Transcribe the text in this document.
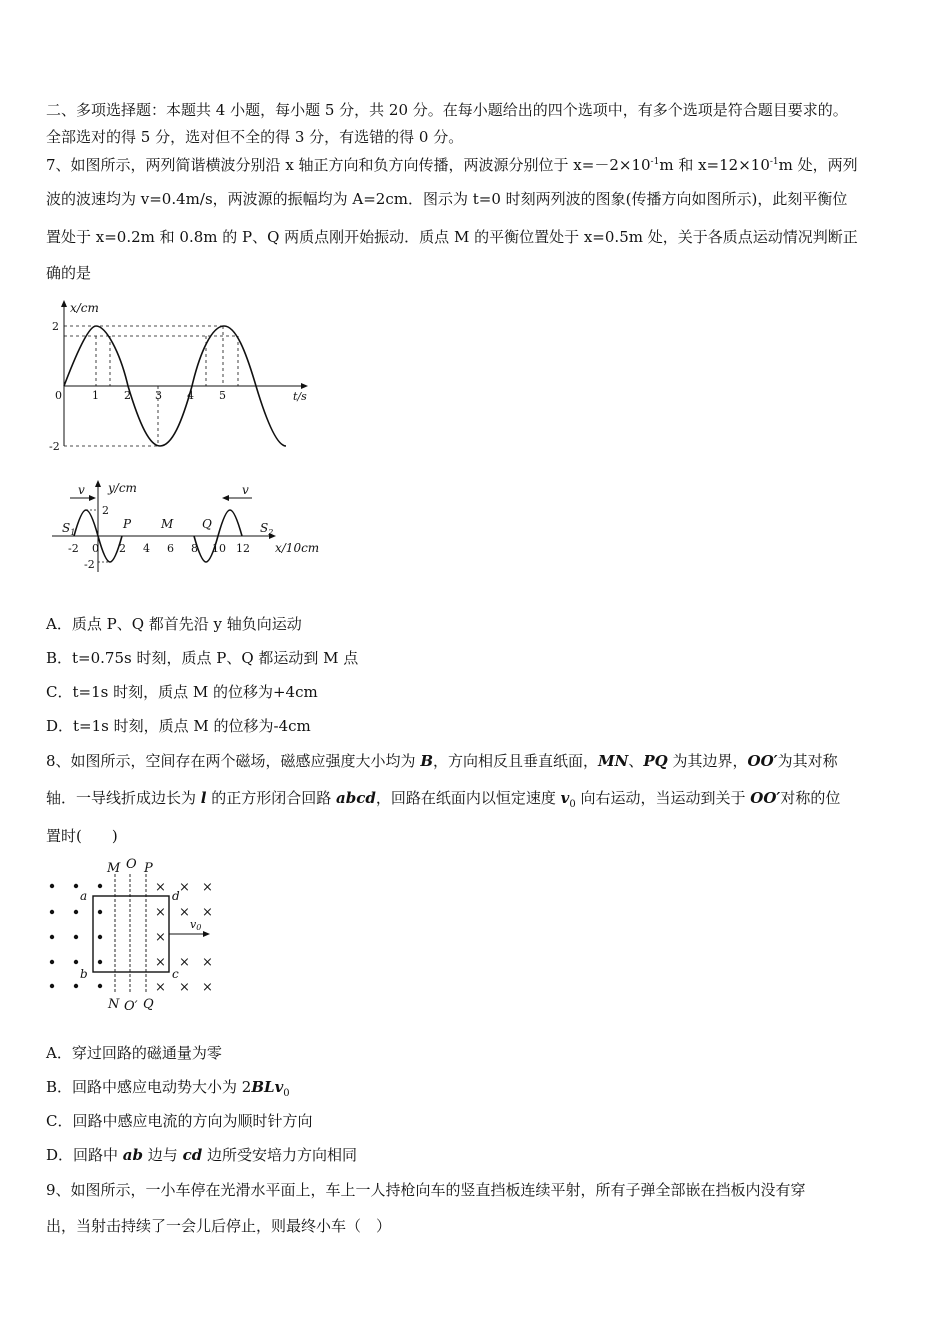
二、多项选择题：本题共 4 小题，每小题 5 分，共 20 分。在每小题给出的四个选项中，有多个选项是符合题目要求的。
全部选对的得 5 分，选对但不全的得 3 分，有选错的得 0 分。
7、如图所示，两列简谐横波分别沿 x 轴正方向和负方向传播，两波源分别位于 $x=-2\times 10^{-1}m$ 和 $x=12\times 10^{-1}m$ 处，两列
波的波速均为 v=0.4m/s，两波源的振幅均为 A=2cm．图示为 t=0 时刻两列波的图象(传播方向如图所示)，此刻平衡位
置处于 x=0.2m 和 0.8m 的 P、Q 两质点刚开始振动．质点 M 的平衡位置处于 x=0.5m 处，关于各质点运动情况判断正
确的是
x/cm
t/s
2
-2
0	1 2 3 4 5
y/cm
x/10cm
v	v
$S_1$	$S_2$
P M Q
2
-2
-2 0 2 4 6 8 10 12
A．质点 P、Q 都首先沿 y 轴负向运动
B．t=0.75s 时刻，质点 P、Q 都运动到 M 点
C．t=1s 时刻，质点 M 的位移为+4cm
D．t=1s 时刻，质点 M 的位移为-4cm
8、如图所示，空间存在两个磁场，磁感应强度大小均为 B，方向相反且垂直纸面，MN、PQ 为其边界，OO′为其对称
轴．一导线折成边长为 l 的正方形闭合回路 abcd，回路在纸面内以恒定速度 $v_0$ 向右运动，当运动到关于 OO′对称的位
置时(　　)
× × ×
× × ×
×
× × ×
× × ×
v0
M O P
N O′ Q
a
b	c
d
A．穿过回路的磁通量为零
B．回路中感应电动势大小为 2BLv$_0$
C．回路中感应电流的方向为顺时针方向
D．回路中 ab 边与 cd 边所受安培力方向相同
9、如图所示，一小车停在光滑水平面上，车上一人持枪向车的竖直挡板连续平射，所有子弹全部嵌在挡板内没有穿
出，当射击持续了一会儿后停止，则最终小车（　）
